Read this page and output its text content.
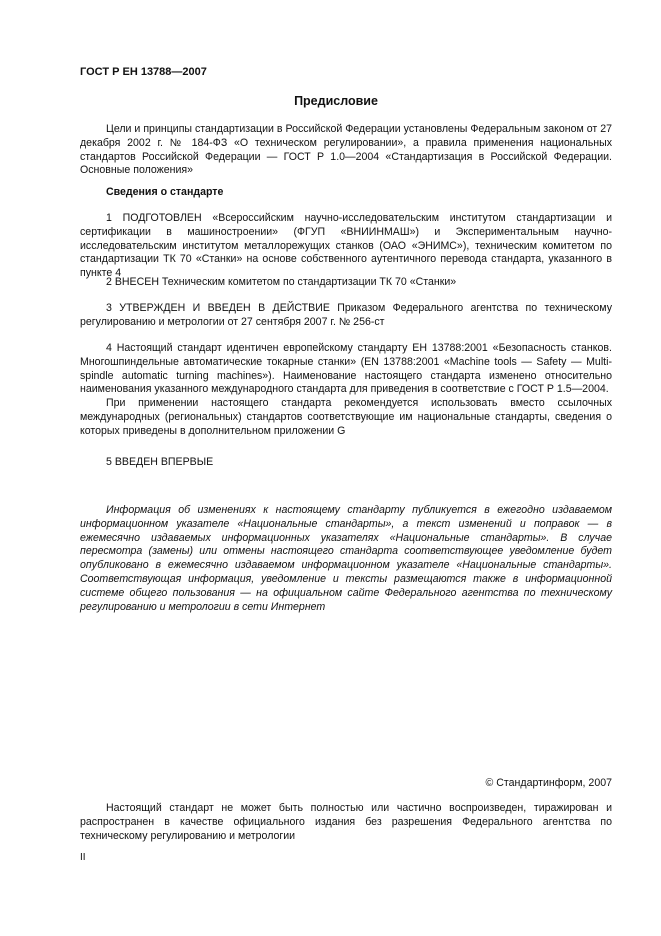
ГОСТ Р ЕН 13788—2007
Предисловие

Цели и принципы стандартизации в Российской Федерации установлены Федеральным законом от 27 декабря 2002 г. № 184-ФЗ «О техническом регулировании», а правила применения национальных стандартов Российской Федерации — ГОСТ Р 1.0—2004 «Стандартизация в Российской Федерации. Основные положения»

Сведения о стандарте

1 ПОДГОТОВЛЕН «Всероссийским научно-исследовательским институтом стандартизации и сертификации в машиностроении» (ФГУП «ВНИИНМАШ») и Экспериментальным научно-исследовательским институтом металлорежущих станков (ОАО «ЭНИМС»), техническим комитетом по стандартизации ТК 70 «Станки» на основе собственного аутентичного перевода стандарта, указанного в пункте 4

2 ВНЕСЕН Техническим комитетом по стандартизации ТК 70 «Станки»

3 УТВЕРЖДЕН И ВВЕДЕН В ДЕЙСТВИЕ Приказом Федерального агентства по техническому регулированию и метрологии от 27 сентября 2007 г. № 256-ст

4 Настоящий стандарт идентичен европейскому стандарту ЕН 13788:2001 «Безопасность станков. Многошпиндельные автоматические токарные станки» (EN 13788:2001 «Machine tools — Safety — Multi-spindle automatic turning machines»). Наименование настоящего стандарта изменено относительно наименования указанного международного стандарта для приведения в соответствие с ГОСТ Р 1.5—2004.

При применении настоящего стандарта рекомендуется использовать вместо ссылочных международных (региональных) стандартов соответствующие им национальные стандарты, сведения о которых приведены в дополнительном приложении G

5 ВВЕДЕН ВПЕРВЫЕ

Информация об изменениях к настоящему стандарту публикуется в ежегодно издаваемом информационном указателе «Национальные стандарты», а текст изменений и поправок — в ежемесячно издаваемых информационных указателях «Национальные стандарты». В случае пересмотра (замены) или отмены настоящего стандарта соответствующее уведомление будет опубликовано в ежемесячно издаваемом информационном указателе «Национальные стандарты». Соответствующая информация, уведомление и тексты размещаются также в информационной системе общего пользования — на официальном сайте Федерального агентства по техническому регулированию и метрологии в сети Интернет

© Стандартинформ, 2007

Настоящий стандарт не может быть полностью или частично воспроизведен, тиражирован и распространен в качестве официального издания без разрешения Федерального агентства по техническому регулированию и метрологии

II
